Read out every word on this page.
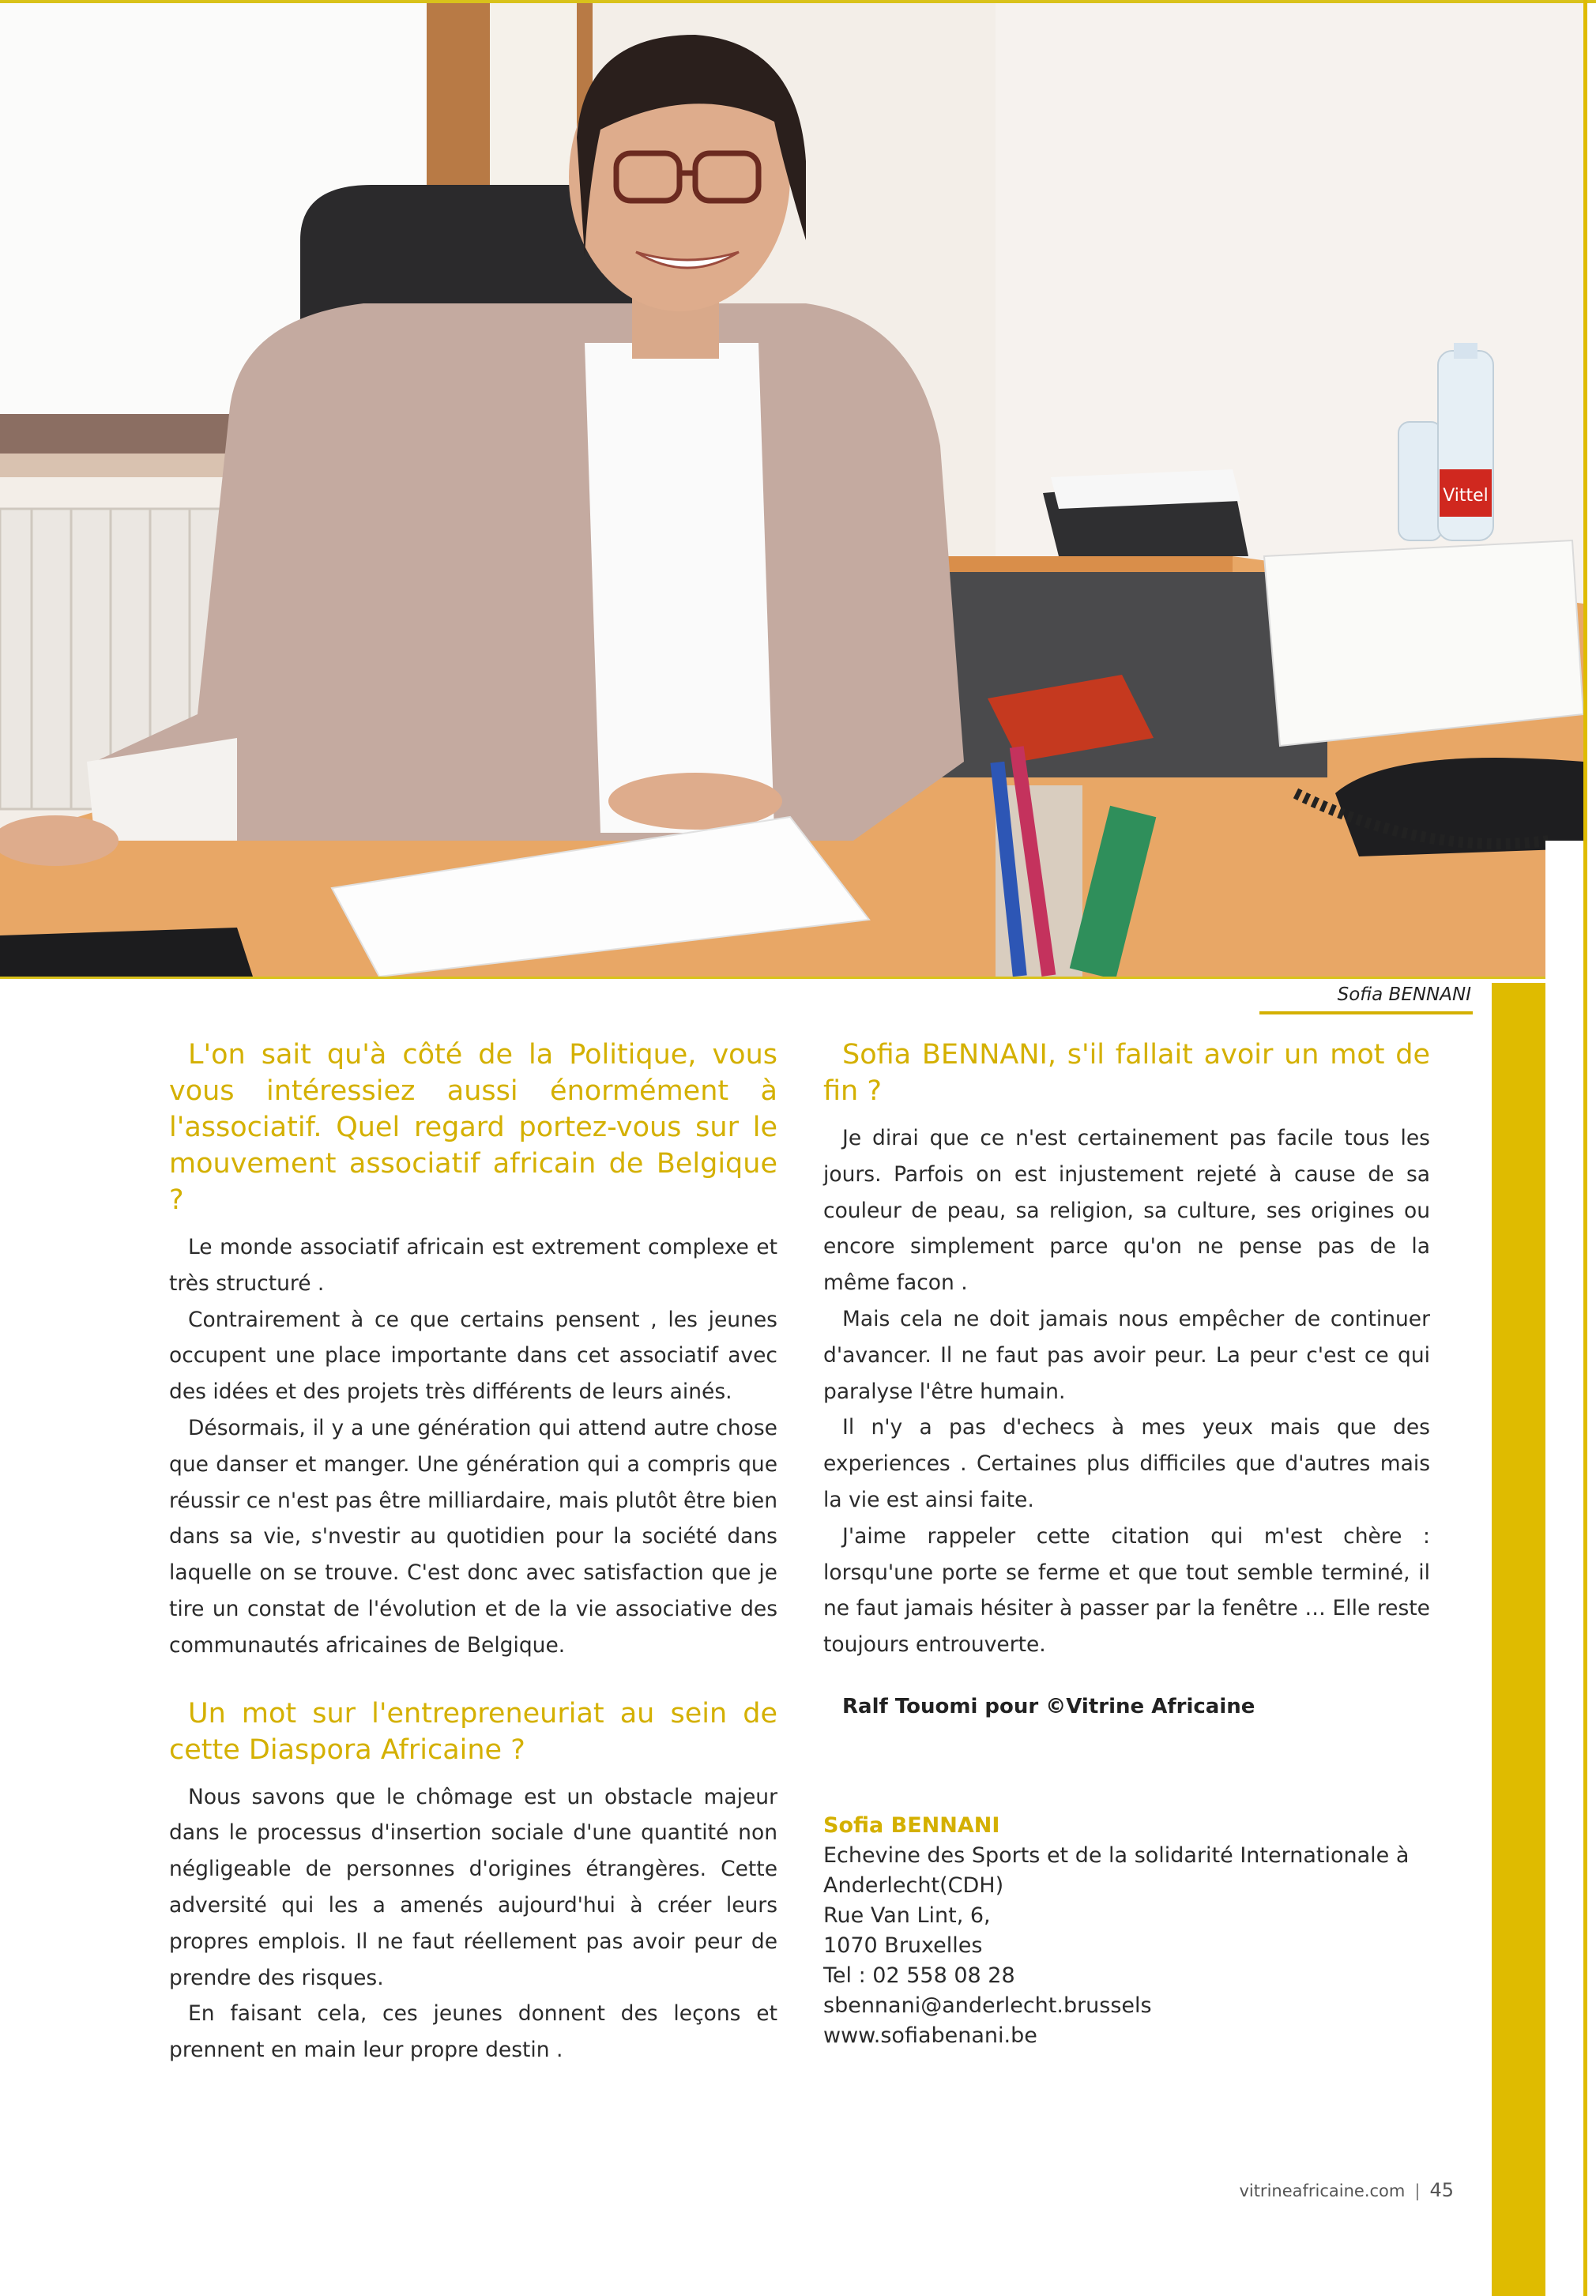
Vittel
Sofia BENNANI
L'on sait qu'à côté de la Politique, vous vous intéressiez aussi énormément à l'associatif. Quel regard portez-vous sur le mouvement associatif africain de Belgique ?

Le monde associatif africain est extrement complexe et très structuré .

Contrairement à ce que certains pensent , les jeunes occupent une place importante dans cet associatif avec des idées et des projets très différents de leurs ainés.

Désormais, il y a une génération qui attend autre chose que danser et manger. Une génération qui a compris que réussir ce n'est pas être milliardaire, mais plutôt être bien dans sa vie, s'nvestir au quotidien pour la société dans laquelle on se trouve. C'est donc avec satisfaction que je tire un constat de l'évolution et de la vie associative des communautés africaines de Belgique.

Un mot sur l'entrepreneuriat au sein de cette Diaspora Africaine ?

Nous savons que le chômage est un obstacle majeur dans le processus d'insertion sociale d'une quantité non négligeable de personnes d'origines étrangères. Cette adversité qui les a amenés aujourd'hui à créer leurs propres emplois. Il ne faut réellement pas avoir peur de prendre des risques.

En faisant cela, ces jeunes donnent des leçons et prennent en main leur propre destin .

Sofia BENNANI, s'il fallait avoir un mot de fin ?

Je dirai que ce n'est certainement pas facile tous les jours. Parfois on est injustement rejeté à cause de sa couleur de peau, sa religion, sa culture, ses origines ou encore simplement parce qu'on ne pense pas de la même facon .

Mais cela ne doit jamais nous empêcher de continuer d'avancer. Il ne faut pas avoir peur. La peur c'est ce qui paralyse l'être humain.

Il n'y a pas d'echecs à mes yeux mais que des experiences . Certaines plus difficiles que d'autres mais la vie est ainsi faite.

J'aime rappeler cette citation qui m'est chère : lorsqu'une porte se ferme et que tout semble terminé, il ne faut jamais hésiter à passer par la fenêtre … Elle reste toujours entrouverte.

Ralf Touomi pour ©Vitrine Africaine
Sofia BENNANI
Echevine des Sports et de la solidarité Internationale à Anderlecht(CDH)
Rue Van Lint, 6,
1070 Bruxelles
Tel : 02 558 08 28
sbennani@anderlecht.brussels
www.sofiabenani.be
vitrineafricaine.com | 45
